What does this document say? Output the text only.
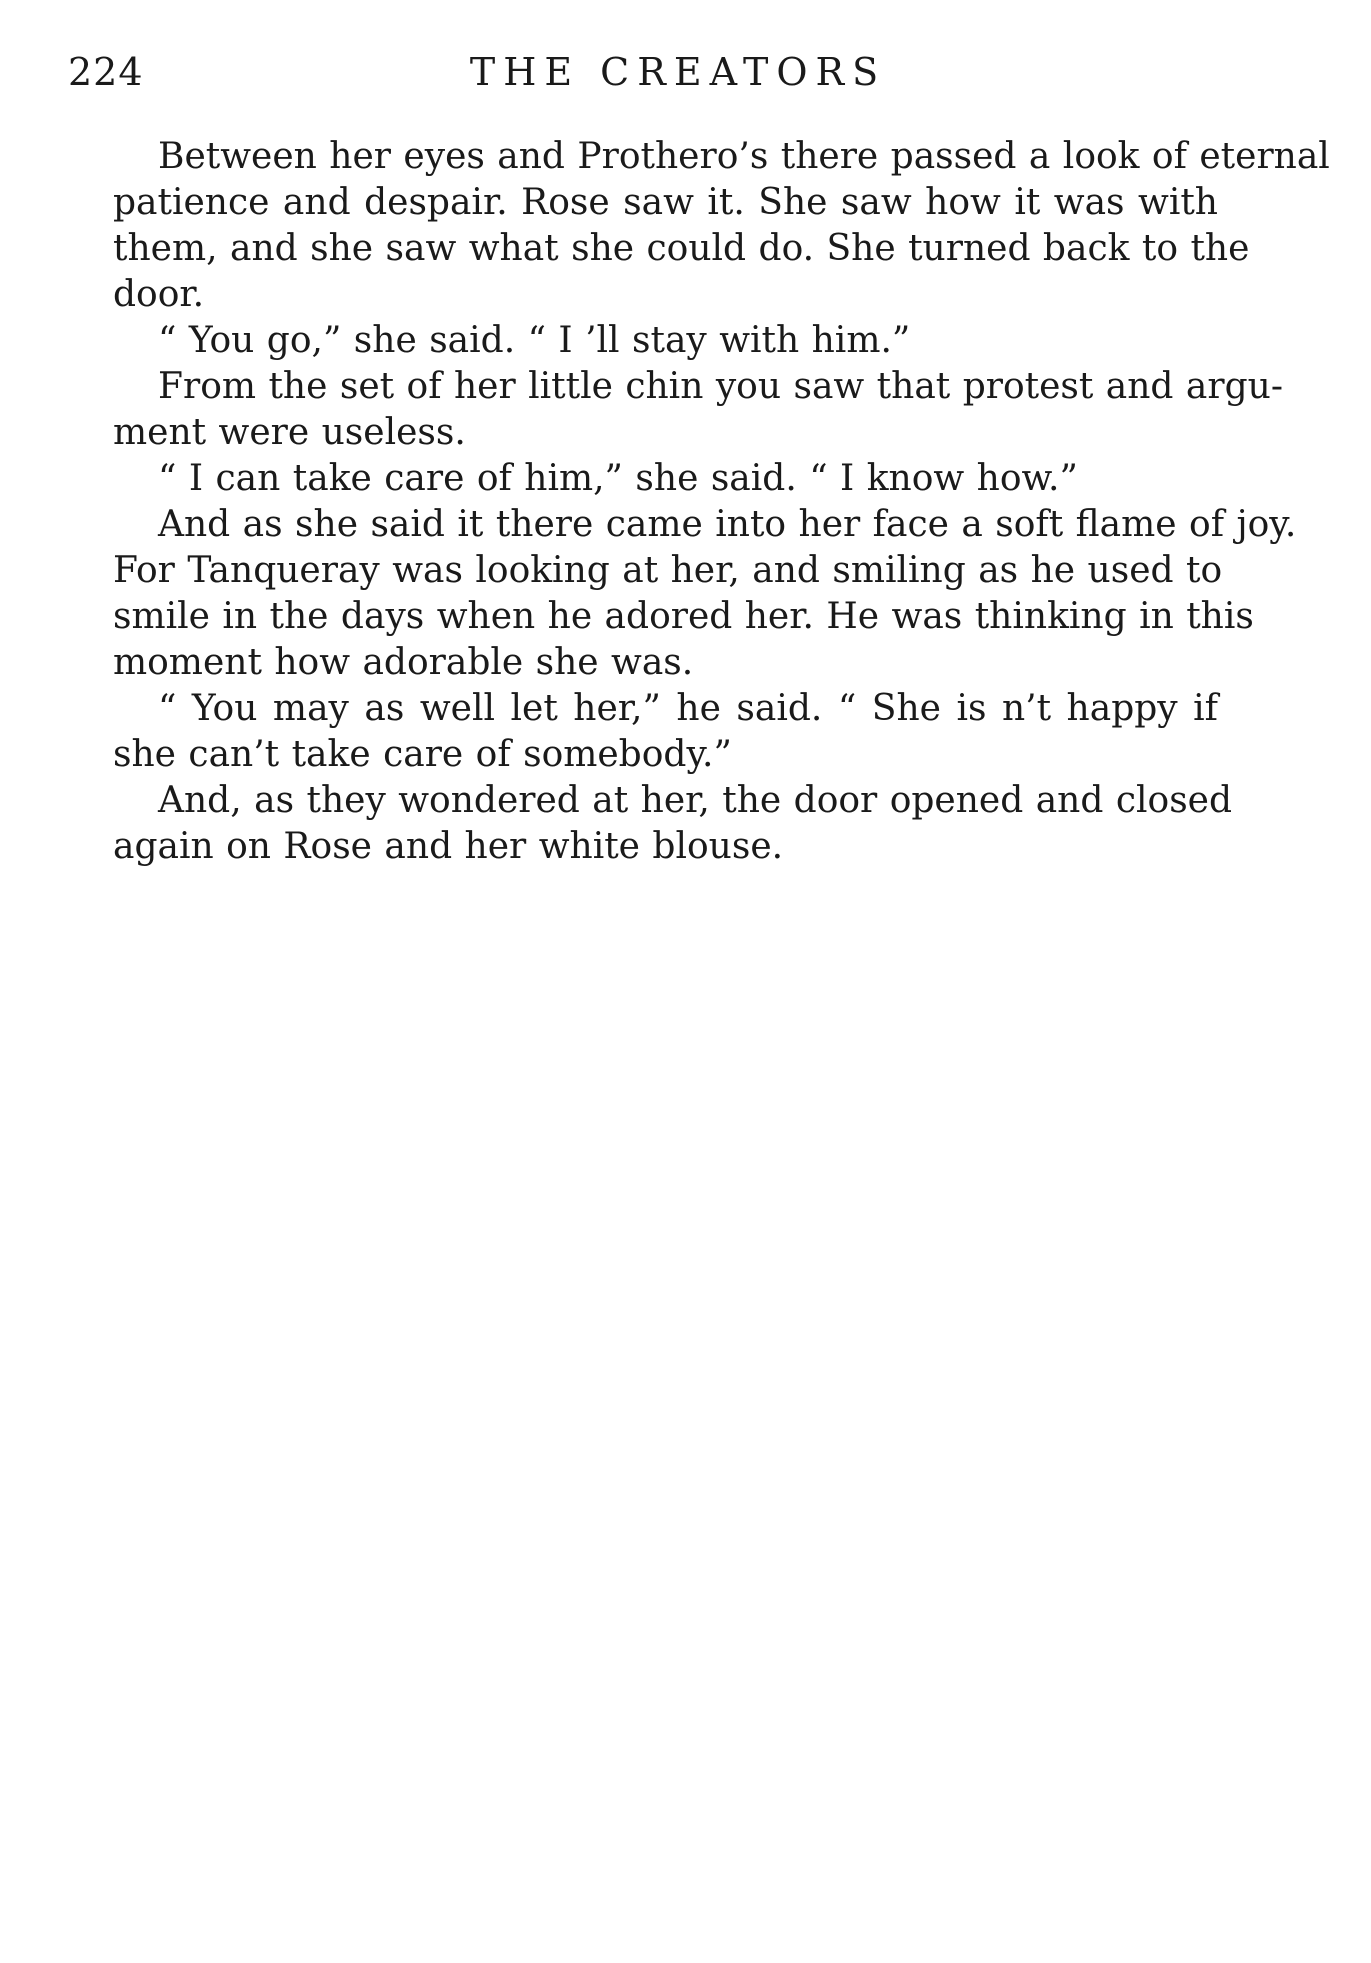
224	THE CREATORS

Between her eyes and Prothero’s there passed a look of eternal
patience and despair. Rose saw it. She saw how it was with
them, and she saw what she could do. She turned back to the
door.

“ You go,” she said. “ I ’ll stay with him.”

From the set of her little chin you saw that protest and argu-
ment were useless.

“ I can take care of him,” she said. “ I know how.”

And as she said it there came into her face a soft flame of joy.
For Tanqueray was looking at her, and smiling as he used to
smile in the days when he adored her. He was thinking in this
moment how adorable she was.

“ You may as well let her,” he said. “ She is n’t happy if
she can’t take care of somebody.”

And, as they wondered at her, the door opened and closed
again on Rose and her white blouse.
